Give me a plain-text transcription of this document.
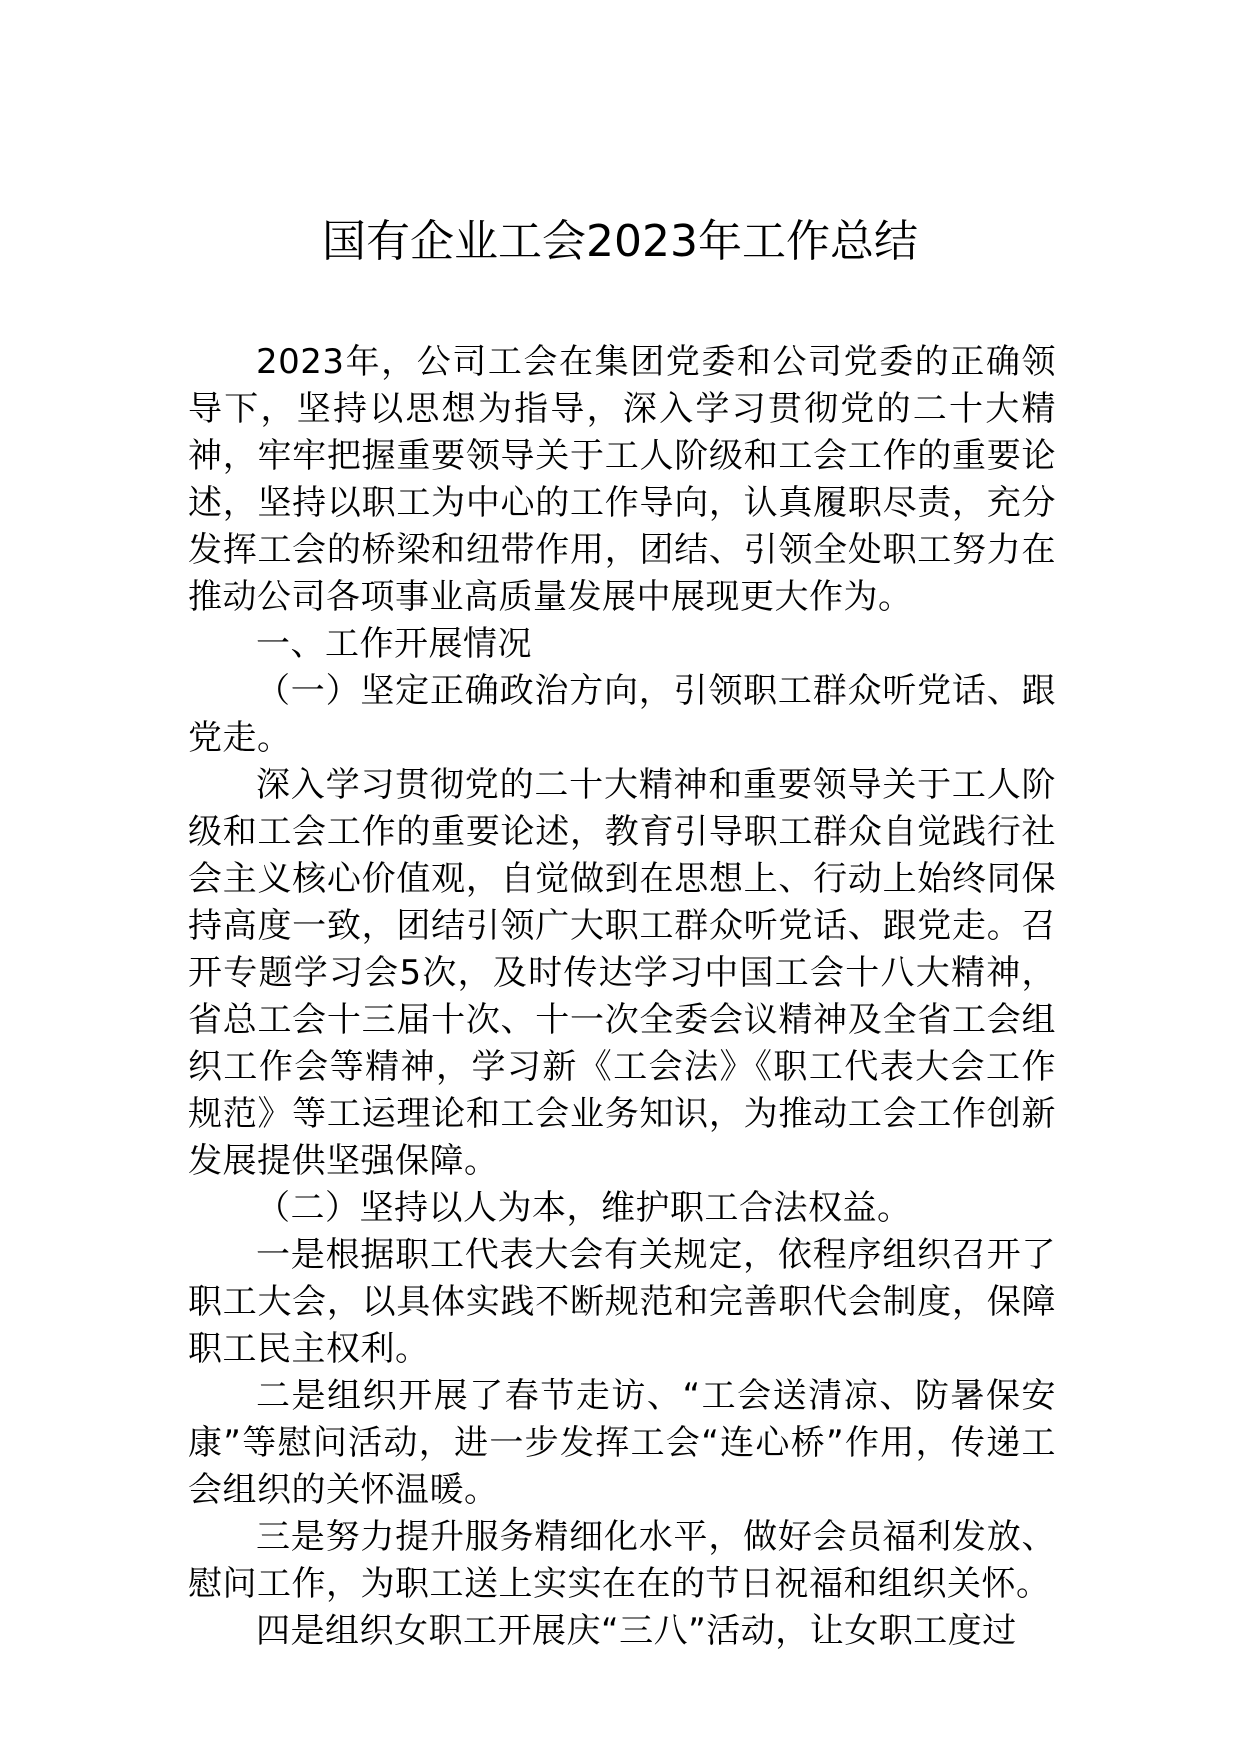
国有企业工会2023年工作总结

2023年，公司工会在集团党委和公司党委的正确领导下，坚持以思想为指导，深入学习贯彻党的二十大精神，牢牢把握重要领导关于工人阶级和工会工作的重要论述，坚持以职工为中心的工作导向，认真履职尽责，充分发挥工会的桥梁和纽带作用，团结、引领全处职工努力在推动公司各项事业高质量发展中展现更大作为。

一、工作开展情况

（一）坚定正确政治方向，引领职工群众听党话、跟党走。

深入学习贯彻党的二十大精神和重要领导关于工人阶级和工会工作的重要论述，教育引导职工群众自觉践行社会主义核心价值观，自觉做到在思想上、行动上始终同保持高度一致，团结引领广大职工群众听党话、跟党走。召开专题学习会5次，及时传达学习中国工会十八大精神，省总工会十三届十次、十一次全委会议精神及全省工会组织工作会等精神，学习新《工会法》《职工代表大会工作规范》等工运理论和工会业务知识，为推动工会工作创新发展提供坚强保障。

（二）坚持以人为本，维护职工合法权益。

一是根据职工代表大会有关规定，依程序组织召开了职工大会，以具体实践不断规范和完善职代会制度，保障职工民主权利。

二是组织开展了春节走访、“工会送清凉、防暑保安康”等慰问活动，进一步发挥工会“连心桥”作用，传递工会组织的关怀温暖。

三是努力提升服务精细化水平，做好会员福利发放、慰问工作，为职工送上实实在在的节日祝福和组织关怀。

四是组织女职工开展庆“三八”活动，让女职工度过
